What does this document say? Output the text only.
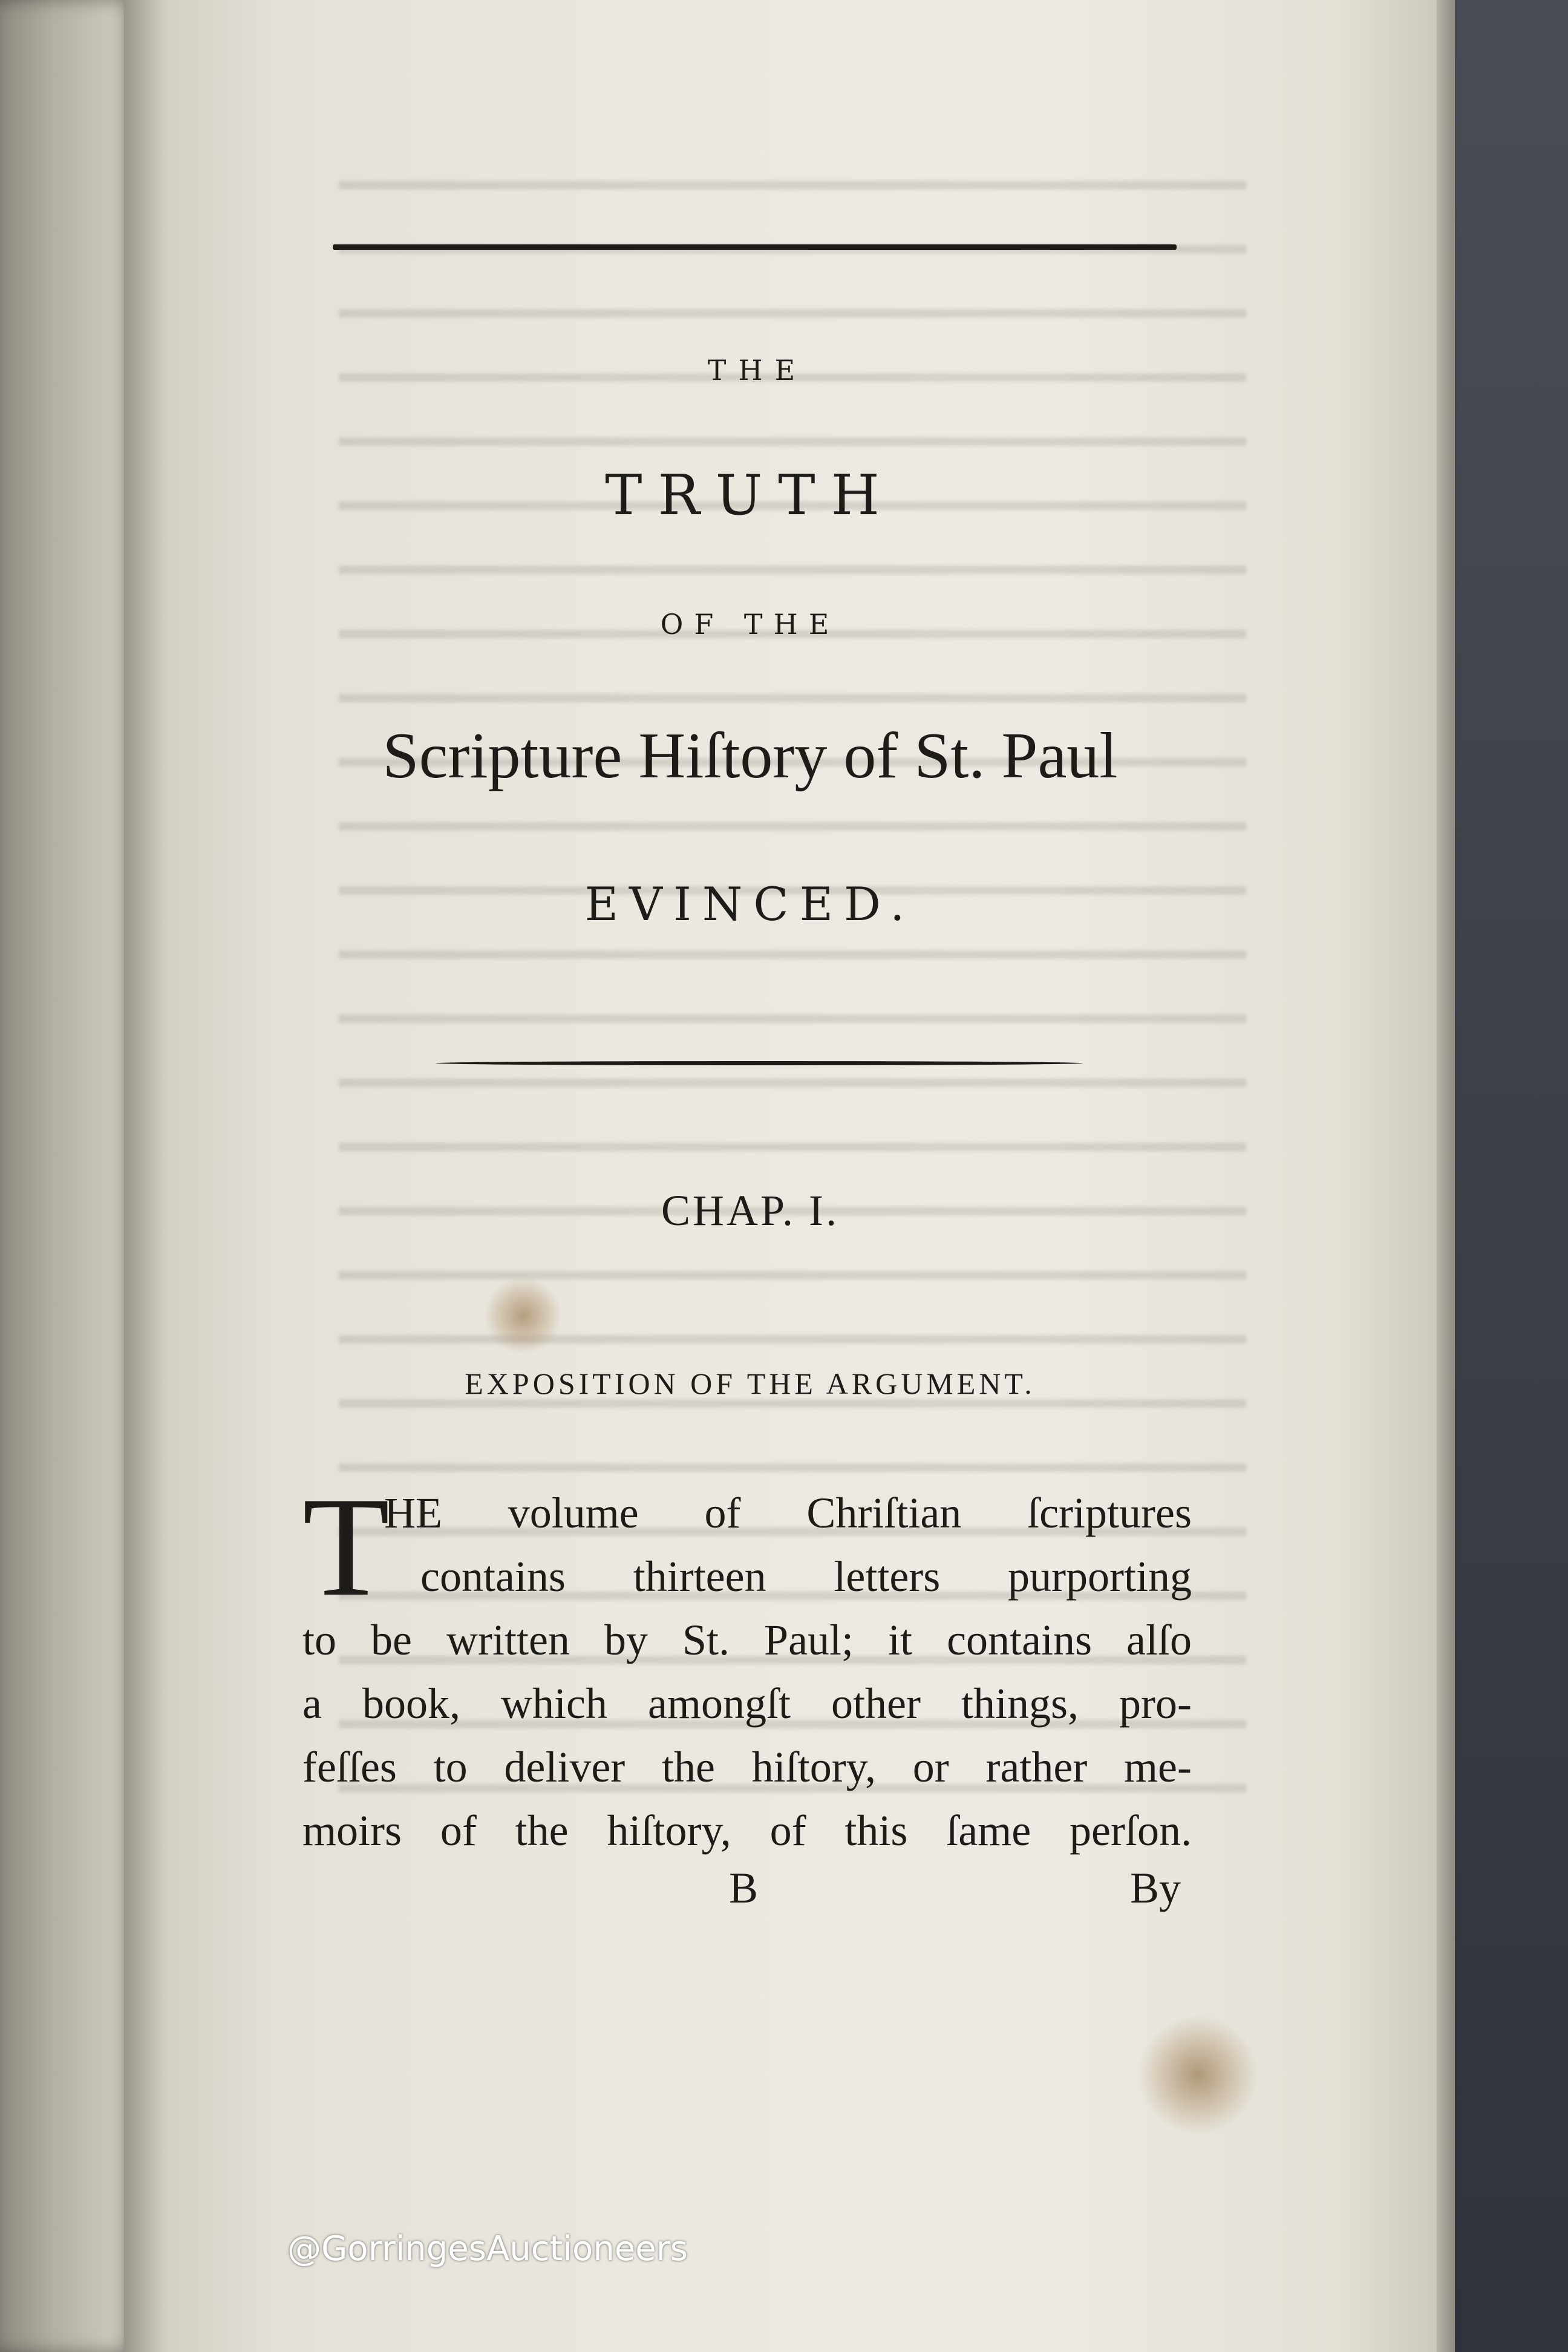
THE
TRUTH
OF THE
Scripture Hiſtory of St. Paul
EVINCED.
CHAP. I.
EXPOSITION OF THE ARGUMENT.
T
HE volume of Chriſtian ſcriptures
contains thirteen letters purporting
to be written by St. Paul; it contains alſo
a book, which amongſt other things, pro-
feſſes to deliver the hiſtory, or rather me-
moirs of the hiſtory, of this ſame perſon.
B	By
@GorringesAuctioneers
